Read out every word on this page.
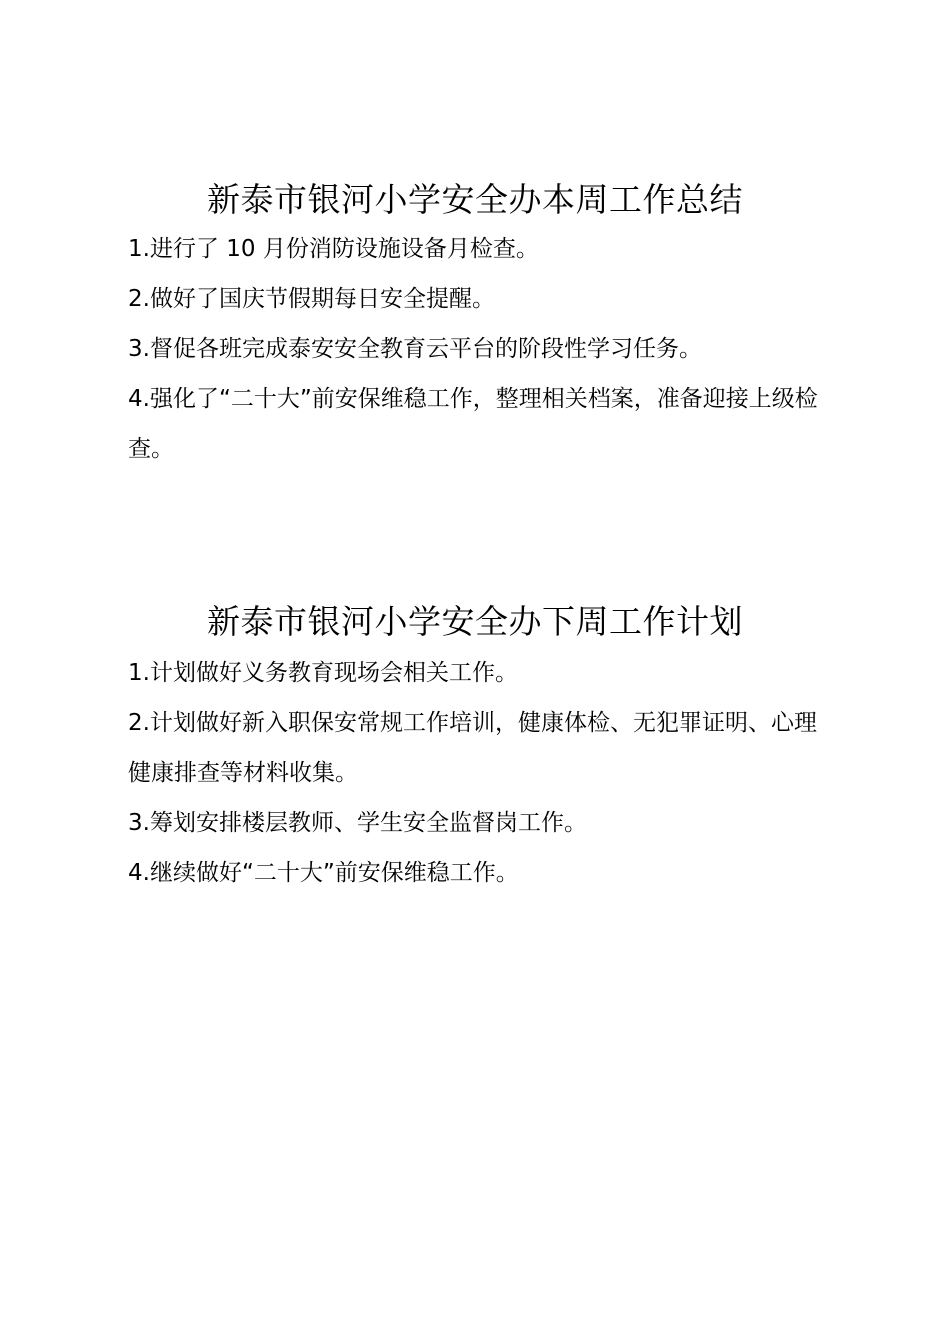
新泰市银河小学安全办本周工作总结
1.进行了 10 月份消防设施设备月检查。
2.做好了国庆节假期每日安全提醒。
3.督促各班完成泰安安全教育云平台的阶段性学习任务。
4.强化了“二十大”前安保维稳工作，整理相关档案，准备迎接上级检查。
新泰市银河小学安全办下周工作计划
1.计划做好义务教育现场会相关工作。
2.计划做好新入职保安常规工作培训，健康体检、无犯罪证明、心理健康排查等材料收集。
3.筹划安排楼层教师、学生安全监督岗工作。
4.继续做好“二十大”前安保维稳工作。
